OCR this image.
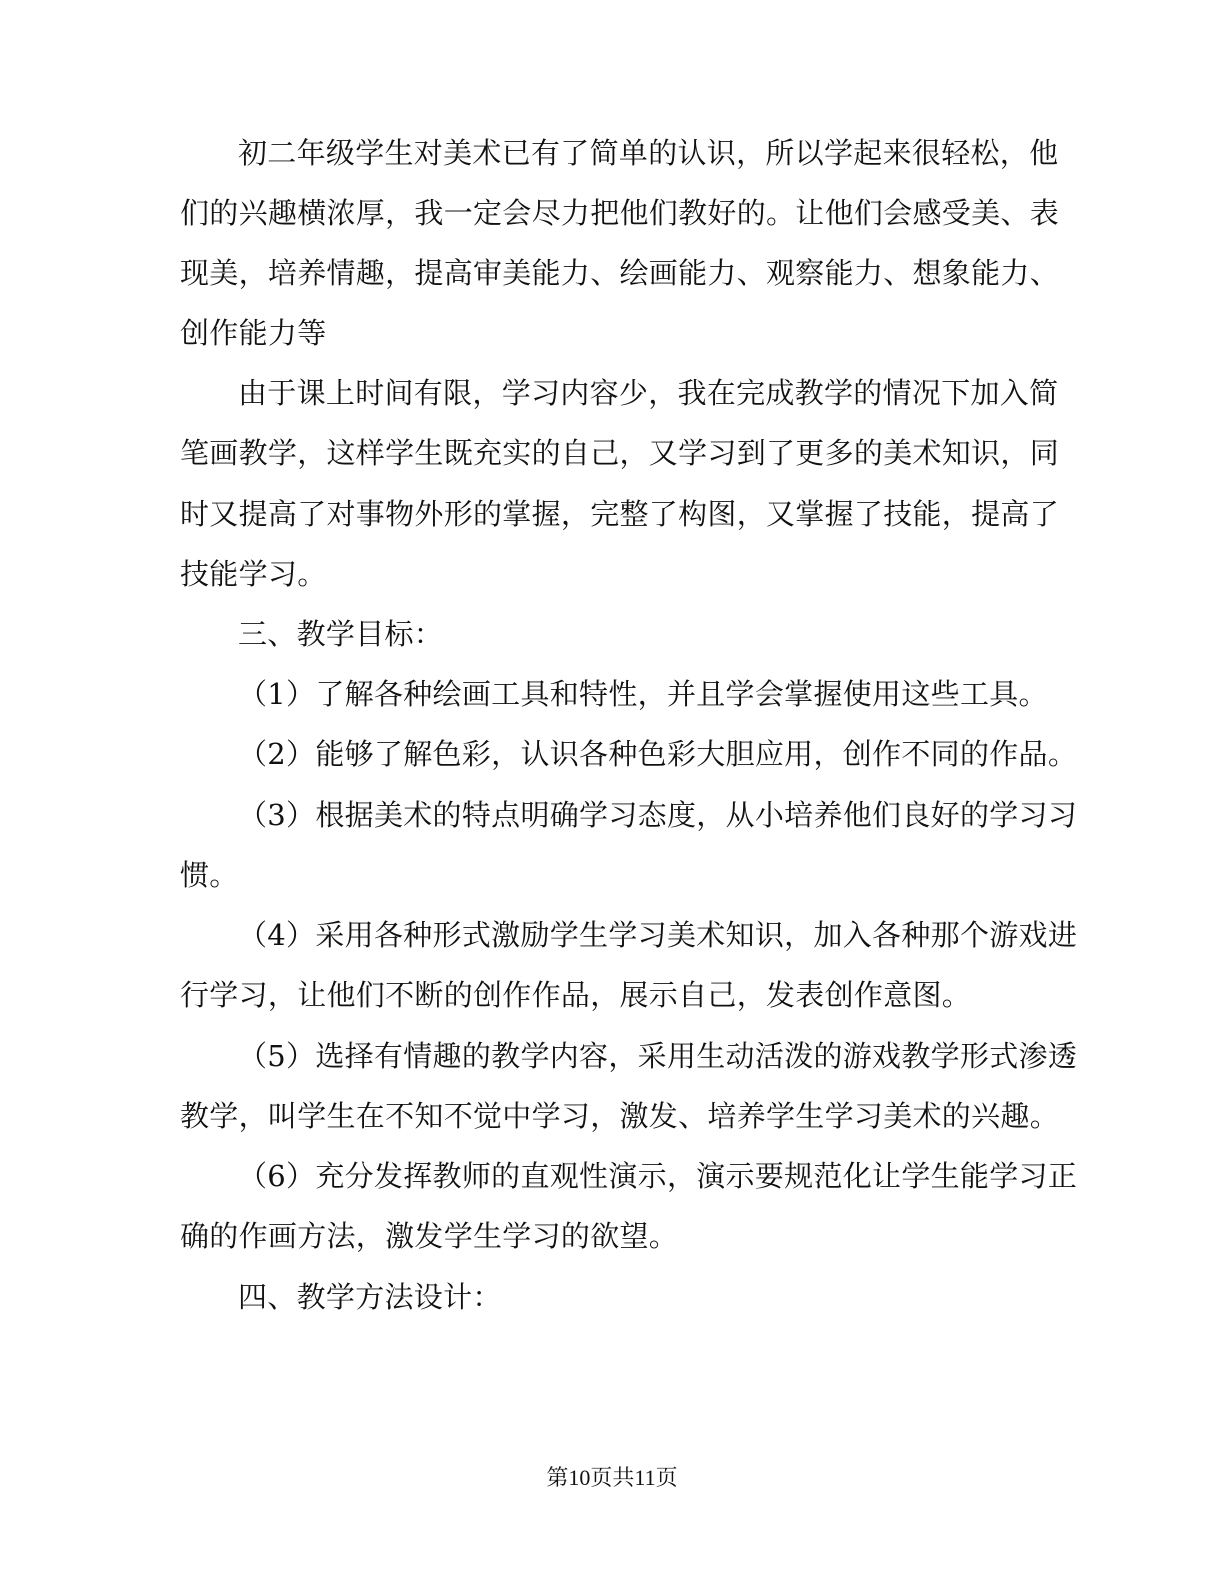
初二年级学生对美术已有了简单的认识，所以学起来很轻松，他
们的兴趣横浓厚，我一定会尽力把他们教好的。让他们会感受美、表
现美，培养情趣，提高审美能力、绘画能力、观察能力、想象能力、
创作能力等
由于课上时间有限，学习内容少，我在完成教学的情况下加入简
笔画教学，这样学生既充实的自己，又学习到了更多的美术知识，同
时又提高了对事物外形的掌握，完整了构图，又掌握了技能，提高了
技能学习。
三、教学目标：
（1）了解各种绘画工具和特性，并且学会掌握使用这些工具。
（2）能够了解色彩，认识各种色彩大胆应用，创作不同的作品。
（3）根据美术的特点明确学习态度，从小培养他们良好的学习习
惯。
（4）采用各种形式激励学生学习美术知识，加入各种那个游戏进
行学习，让他们不断的创作作品，展示自己，发表创作意图。
（5）选择有情趣的教学内容，采用生动活泼的游戏教学形式渗透
教学，叫学生在不知不觉中学习，激发、培养学生学习美术的兴趣。
（6）充分发挥教师的直观性演示，演示要规范化让学生能学习正
确的作画方法，激发学生学习的欲望。
四、教学方法设计：
第10页共11页
